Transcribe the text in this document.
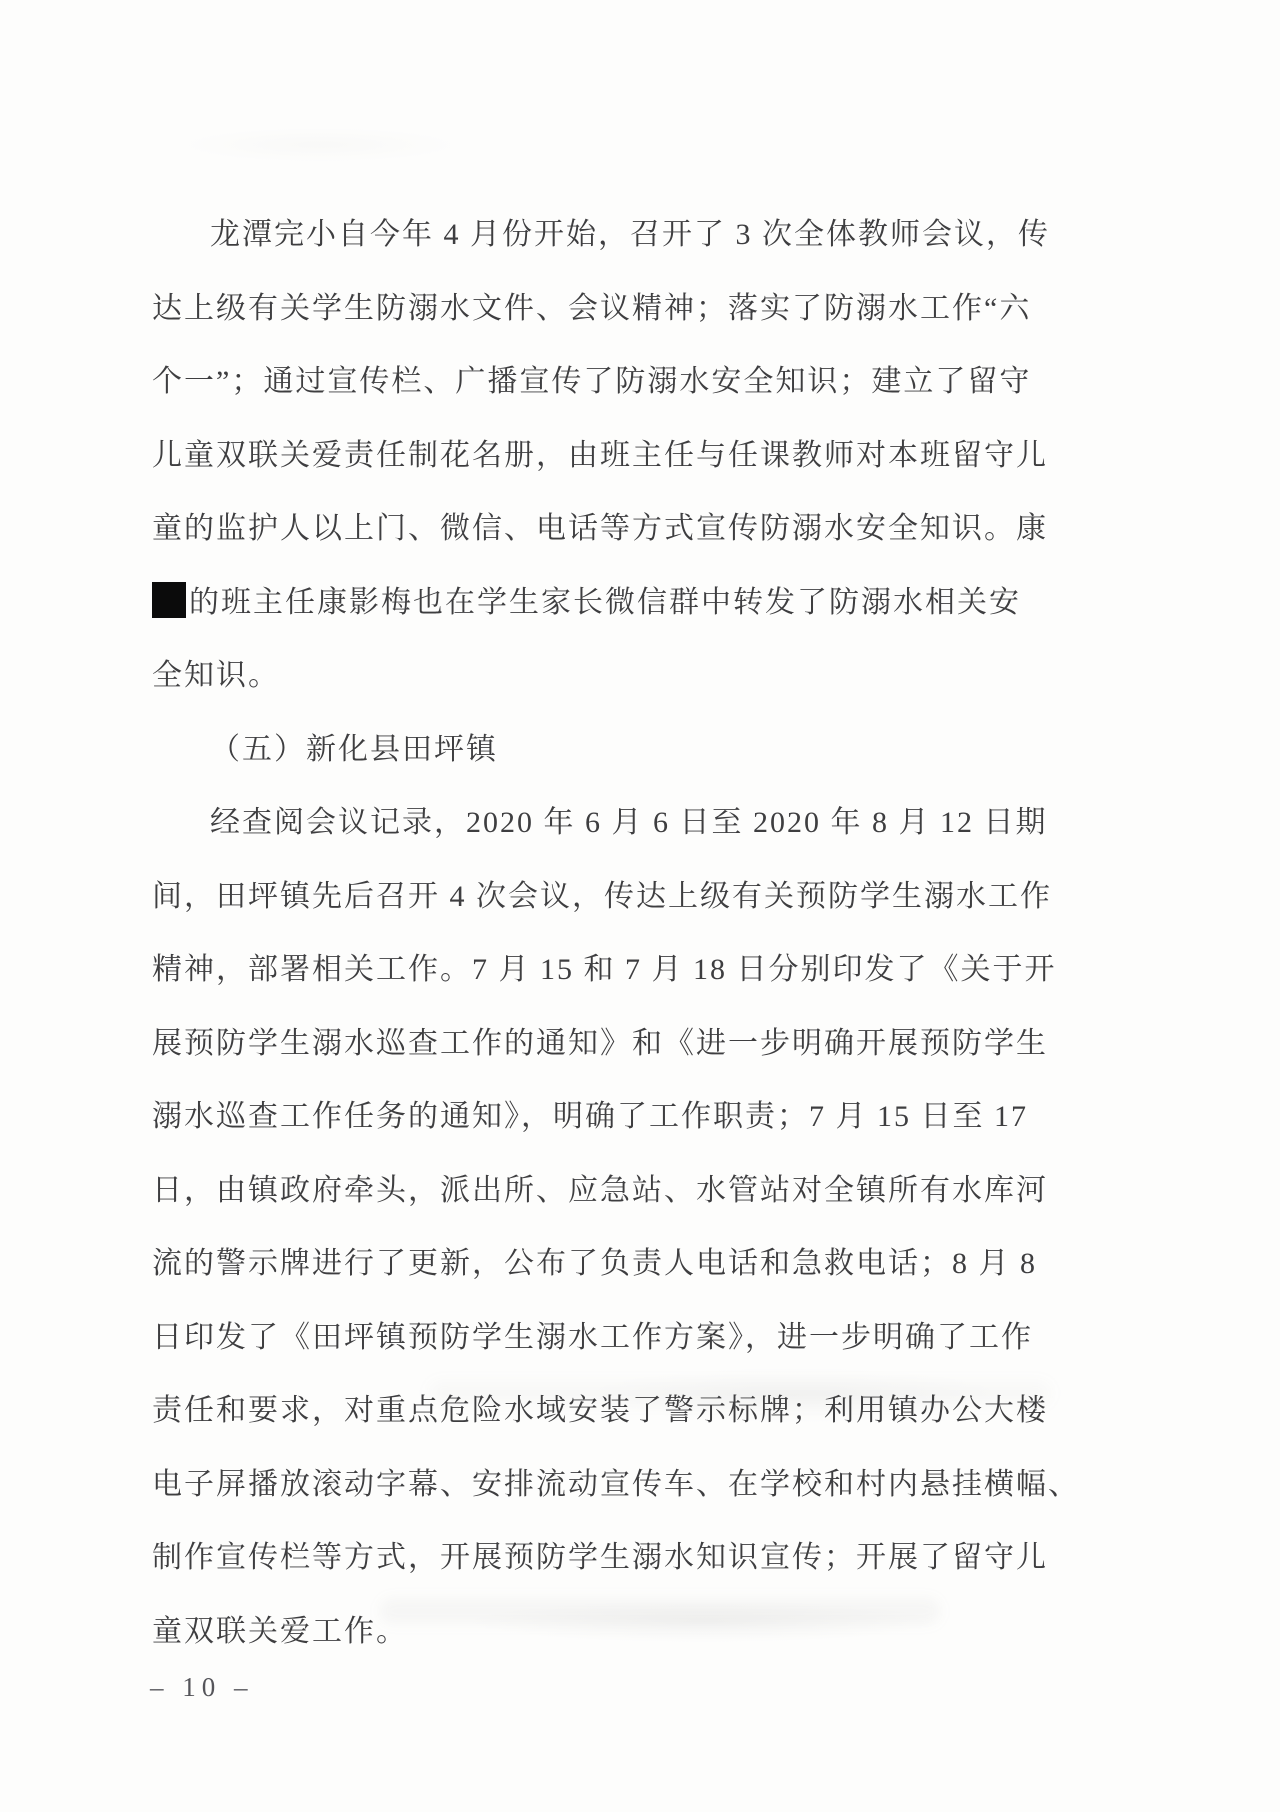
龙潭完小自今年 4 月份开始，召开了 3 次全体教师会议，传
达上级有关学生防溺水文件、会议精神；落实了防溺水工作“六
个一”；通过宣传栏、广播宣传了防溺水安全知识；建立了留守
儿童双联关爱责任制花名册，由班主任与任课教师对本班留守儿
童的监护人以上门、微信、电话等方式宣传防溺水安全知识。康
的班主任康影梅也在学生家长微信群中转发了防溺水相关安
全知识。
（五）新化县田坪镇
经查阅会议记录，2020 年 6 月 6 日至 2020 年 8 月 12 日期
间，田坪镇先后召开 4 次会议，传达上级有关预防学生溺水工作
精神，部署相关工作。7 月 15 和 7 月 18 日分别印发了《关于开
展预防学生溺水巡查工作的通知》和《进一步明确开展预防学生
溺水巡查工作任务的通知》，明确了工作职责；7 月 15 日至 17
日，由镇政府牵头，派出所、应急站、水管站对全镇所有水库河
流的警示牌进行了更新，公布了负责人电话和急救电话；8 月 8
日印发了《田坪镇预防学生溺水工作方案》，进一步明确了工作
责任和要求，对重点危险水域安装了警示标牌；利用镇办公大楼
电子屏播放滚动字幕、安排流动宣传车、在学校和村内悬挂横幅、
制作宣传栏等方式，开展预防学生溺水知识宣传；开展了留守儿
童双联关爱工作。
– 10 –
